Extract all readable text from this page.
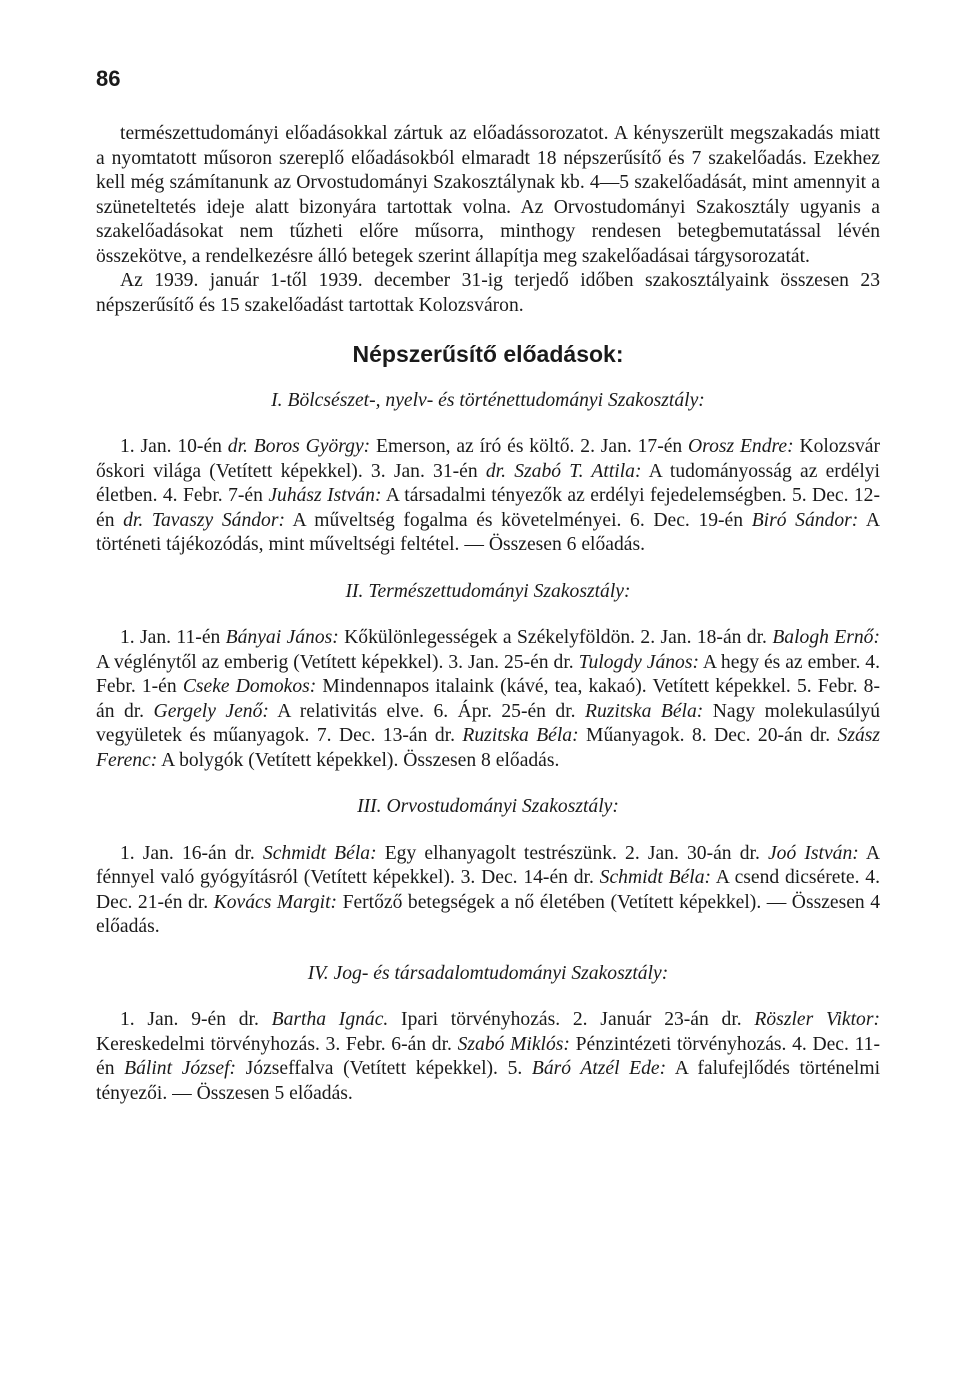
86

természettudományi előadásokkal zártuk az előadássorozatot. A kényszerült megszakadás miatt a nyomtatott műsoron szereplő előadásokból elmaradt 18 népszerűsítő és 7 szakelőadás. Ezekhez kell még számítanunk az Orvostudományi Szakosztálynak kb. 4—5 szakelőadását, mint amennyit a szüneteltetés ideje alatt bizonyára tartottak volna. Az Orvostudományi Szakosztály ugyanis a szakelőadásokat nem tűzheti előre műsorra, minthogy rendesen betegbemutatással lévén összekötve, a rendelkezésre álló betegek szerint állapítja meg szakelőadásai tárgysorozatát.

Az 1939. január 1-től 1939. december 31-ig terjedő időben szakosztályaink összesen 23 népszerűsítő és 15 szakelőadást tartottak Kolozsváron.

Népszerűsítő előadások:
I. Bölcsészet-, nyelv- és történettudományi Szakosztály:

1. Jan. 10-én dr. Boros György: Emerson, az író és költő. 2. Jan. 17-én Orosz Endre: Kolozsvár őskori világa (Vetített képekkel). 3. Jan. 31-én dr. Szabó T. Attila: A tudományosság az erdélyi életben. 4. Febr. 7-én Juhász István: A társadalmi tényezők az erdélyi fejedelemségben. 5. Dec. 12-én dr. Tavaszy Sándor: A műveltség fogalma és követelményei. 6. Dec. 19-én Biró Sándor: A történeti tájékozódás, mint műveltségi feltétel. — Összesen 6 előadás.

II. Természettudományi Szakosztály:

1. Jan. 11-én Bányai János: Kőkülönlegességek a Székelyföldön. 2. Jan. 18-án dr. Balogh Ernő: A véglénytől az emberig (Vetített képekkel). 3. Jan. 25-én dr. Tulogdy János: A hegy és az ember. 4. Febr. 1-én Cseke Domokos: Mindennapos italaink (kávé, tea, kakaó). Vetített képekkel. 5. Febr. 8-án dr. Gergely Jenő: A relativitás elve. 6. Ápr. 25-én dr. Ruzitska Béla: Nagy molekulasúlyú vegyületek és műanyagok. 7. Dec. 13-án dr. Ruzitska Béla: Műanyagok. 8. Dec. 20-án dr. Szász Ferenc: A bolygók (Vetített képekkel). Összesen 8 előadás.

III. Orvostudományi Szakosztály:

1. Jan. 16-án dr. Schmidt Béla: Egy elhanyagolt testrészünk. 2. Jan. 30-án dr. Joó István: A fénnyel való gyógyításról (Vetített képekkel). 3. Dec. 14-én dr. Schmidt Béla: A csend dicsérete. 4. Dec. 21-én dr. Kovács Margit: Fertőző betegségek a nő életében (Vetített képekkel). — Összesen 4 előadás.

IV. Jog- és társadalomtudományi Szakosztály:

1. Jan. 9-én dr. Bartha Ignác. Ipari törvényhozás. 2. Január 23-án dr. Röszler Viktor: Kereskedelmi törvényhozás. 3. Febr. 6-án dr. Szabó Miklós: Pénzintézeti törvényhozás. 4. Dec. 11-én Bálint József: Józseffalva (Vetített képekkel). 5. Báró Atzél Ede: A falufejlődés történelmi tényezői. — Összesen 5 előadás.
